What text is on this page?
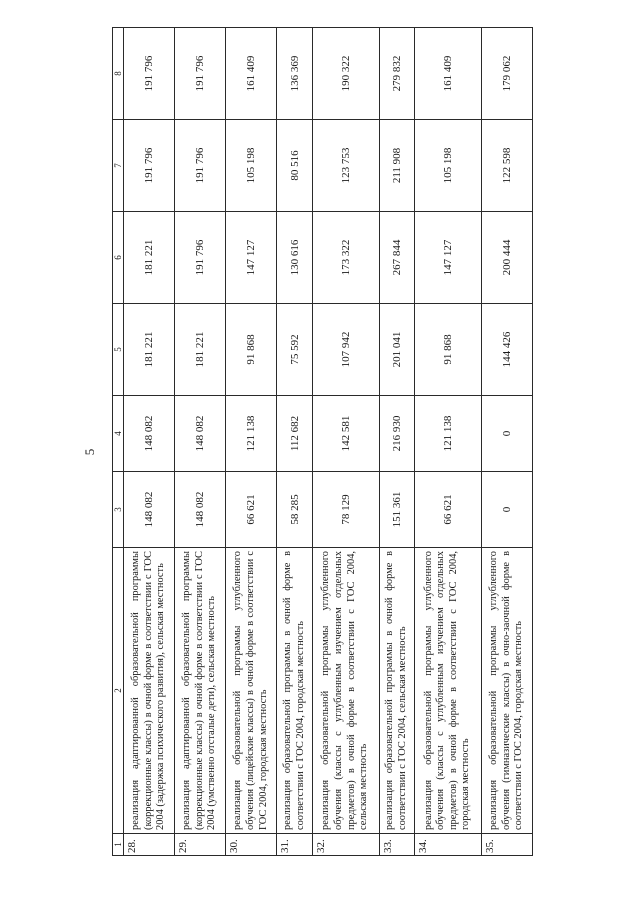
5
1	2	3	4	5	6	7	8
28.	реализация адаптированной образовательной программы (коррекционные классы) в очной форме в соответствии с ГОС 2004 (задержка психического развития), сельская местность	148 082	148 082	181 221	181 221	191 796	191 796
29.	реализация адаптированной образовательной программы (коррекционные классы) в очной форме в соответствии с ГОС 2004 (умственно отсталые дети), сельская местность	148 082	148 082	181 221	191 796	191 796	191 796
30.	реализация образовательной программы углубленного обучения (лицейские классы) в очной форме в соответствии с ГОС 2004, городская местность	66 621	121 138	91 868	147 127	105 198	161 409
31.	реализация образовательной программы в очной форме в соответствии с ГОС 2004, городская местность	58 285	112 682	75 592	130 616	80 516	136 369
32.	реализация образовательной программы углубленного обучения (классы с углубленным изучением отдельных предметов) в очной форме в соответствии с ГОС 2004, сельская местность	78 129	142 581	107 942	173 322	123 753	190 322
33.	реализация образовательной программы в очной форме в соответствии с ГОС 2004, сельская местность	151 361	216 930	201 041	267 844	211 908	279 832
34.	реализация образовательной программы углубленного обучения (классы с углубленным изучением отдельных предметов) в очной форме в соответствии с ГОС 2004, городская местность	66 621	121 138	91 868	147 127	105 198	161 409
35.	реализация образовательной программы углубленного обучения (гимназические классы) в очно-заочной форме в соответствии с ГОС 2004, городская местность	0	0	144 426	200 444	122 598	179 062
